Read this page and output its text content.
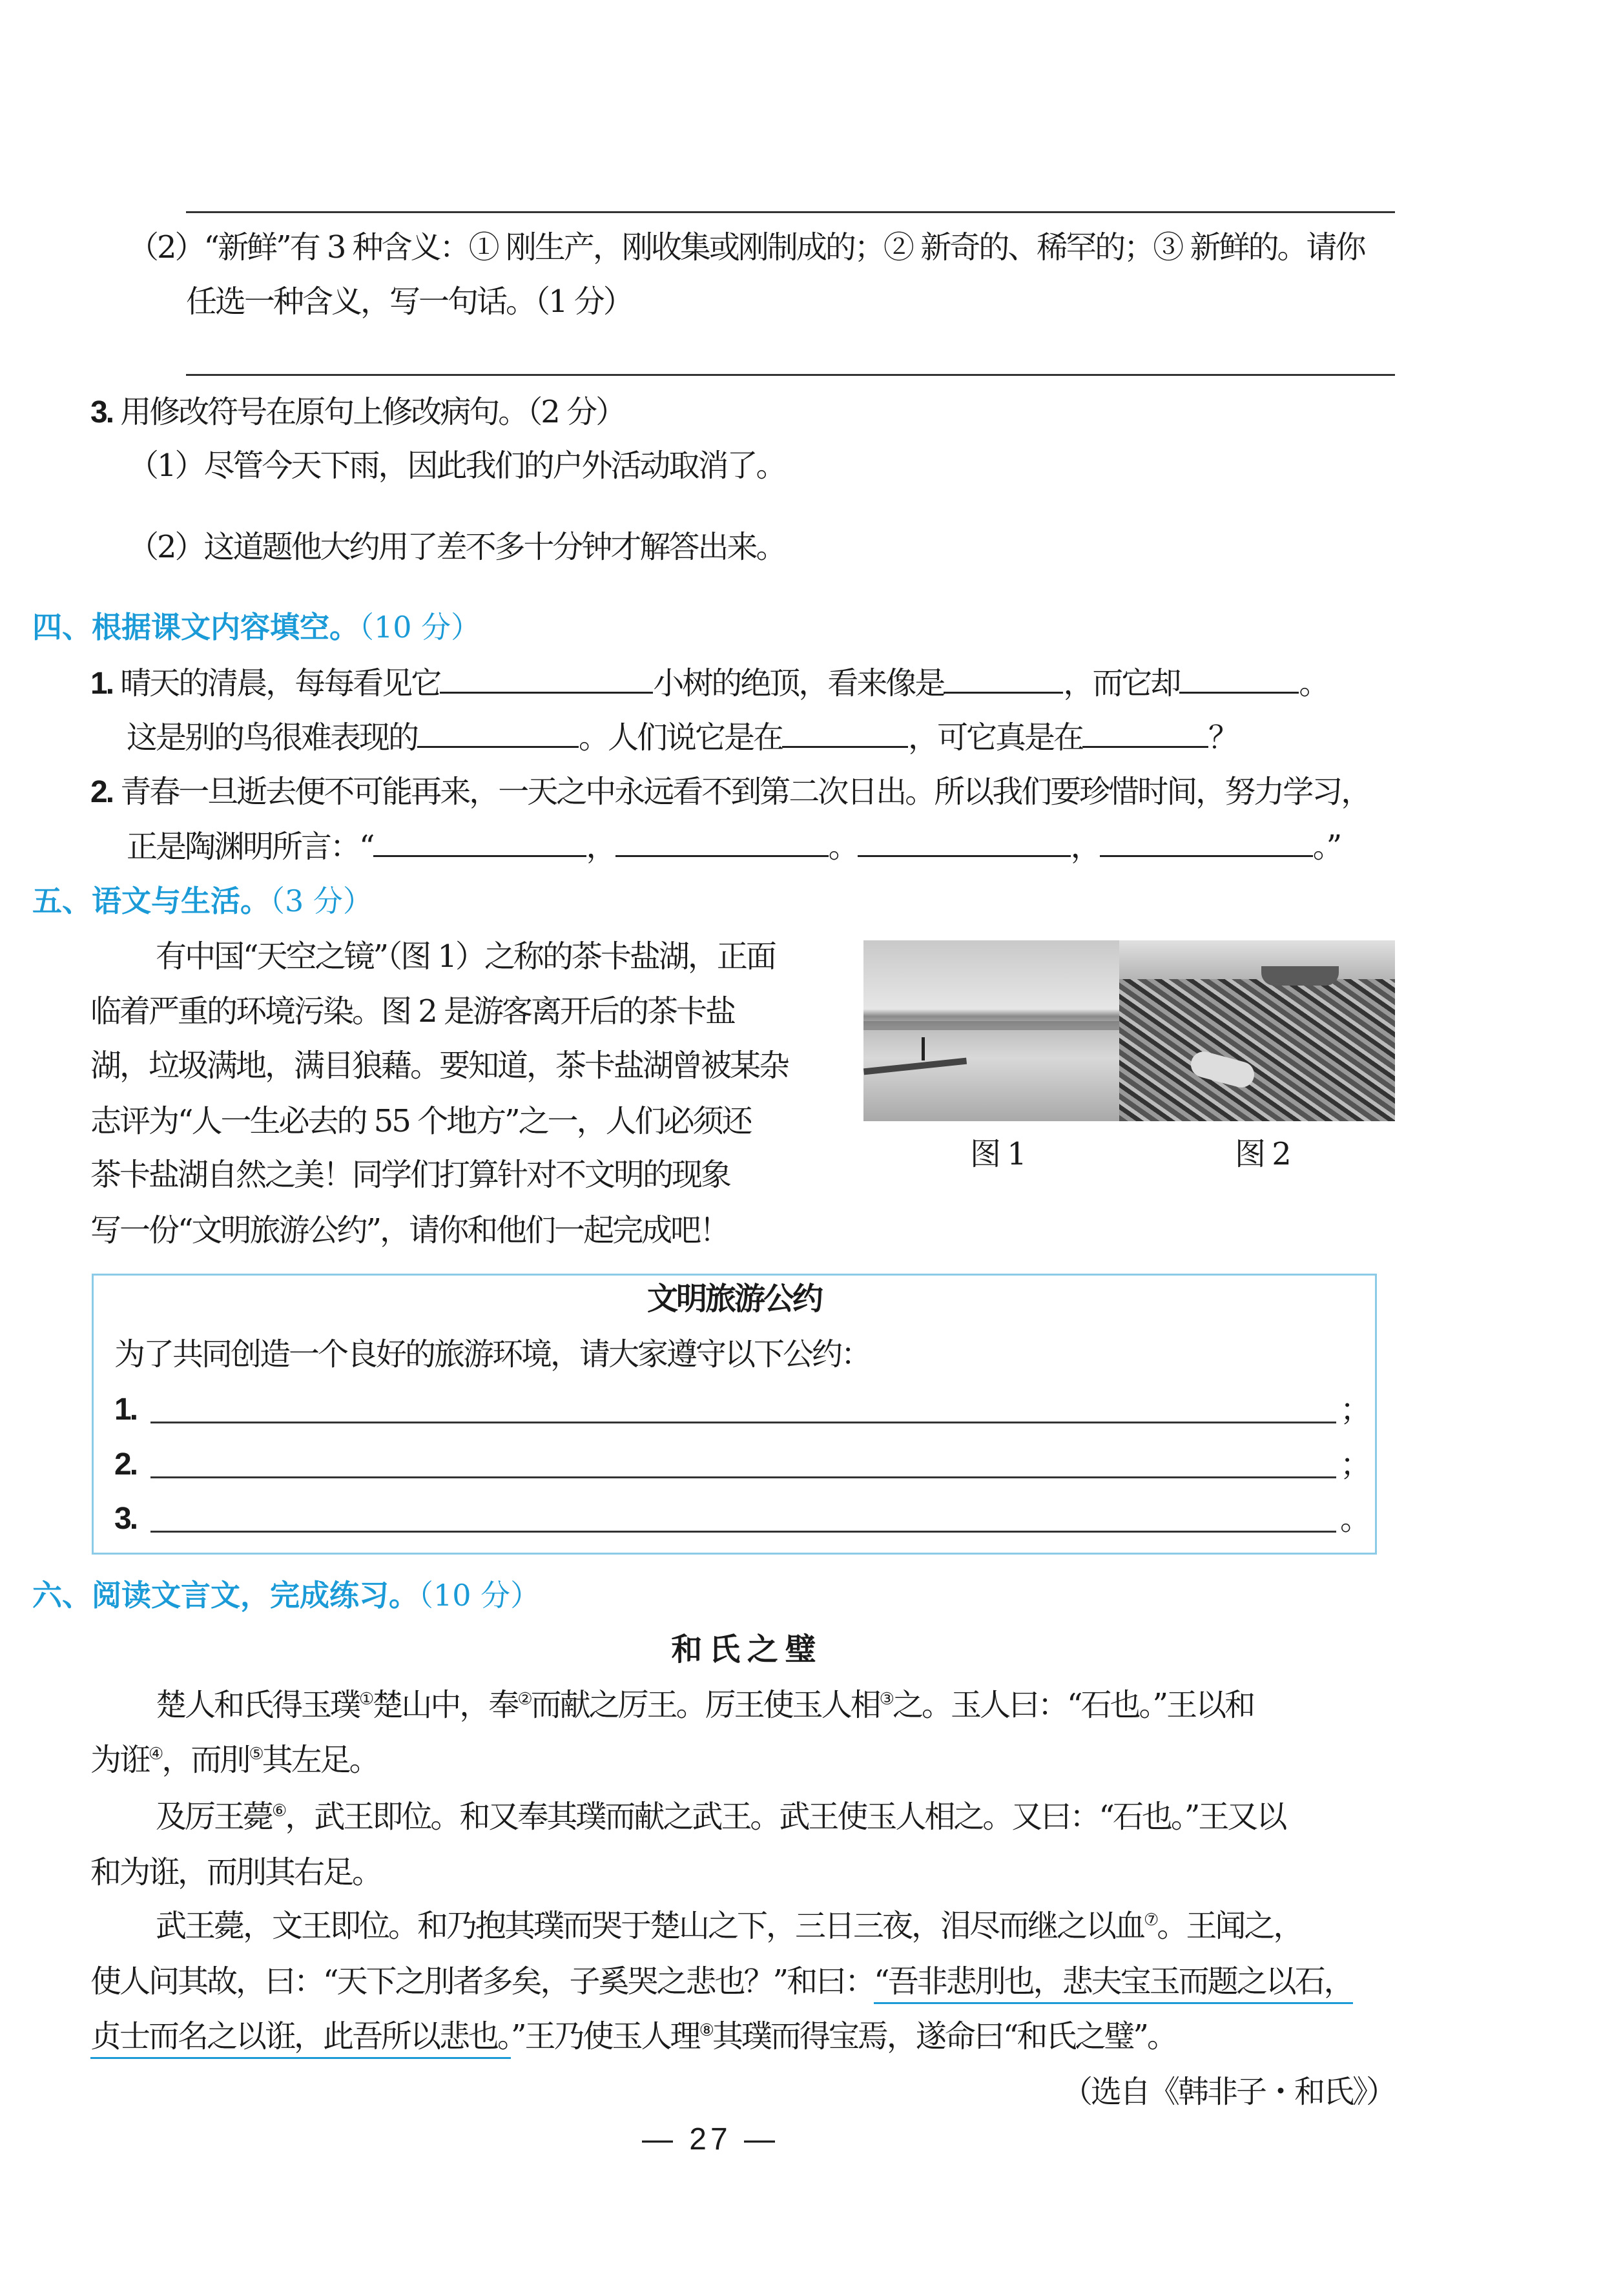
（2）“新鲜”有 3 种含义：① 刚生产，刚收集或刚制成的；② 新奇的、稀罕的；③ 新鲜的。请你
任选一种含义，写一句话。（1 分）
3. 用修改符号在原句上修改病句。（2 分）
（1）尽管今天下雨，因此我们的户外活动取消了。
（2）这道题他大约用了差不多十分钟才解答出来。
四、根据课文内容填空。（10 分）
1. 晴天的清晨，每每看见它	小树的绝顶，看来像是	，而它却	。
这是别的鸟很难表现的	。人们说它是在	，可它真是在	？
2. 青春一旦逝去便不可能再来，一天之中永远看不到第二次日出。所以我们要珍惜时间，努力学习，
正是陶渊明所言：“	，	。	，	。”
五、语文与生活。（3 分）
有中国“天空之镜”（图 1）之称的茶卡盐湖，正面
临着严重的环境污染。图 2 是游客离开后的茶卡盐
湖，垃圾满地，满目狼藉。要知道，茶卡盐湖曾被某杂
志评为“人一生必去的 55 个地方”之一，人们必须还
茶卡盐湖自然之美！同学们打算针对不文明的现象
写一份“文明旅游公约”，请你和他们一起完成吧！
图 1	图 2
文明旅游公约
为了共同创造一个良好的旅游环境，请大家遵守以下公约：
1.	；
2.	；
3.	。
六、阅读文言文，完成练习。（10 分）
和 氏 之 璧
楚人和氏得玉璞①楚山中，奉②而献之厉王。厉王使玉人相③之。玉人曰：“石也。”王以和
为诳④，而刖⑤其左足。
及厉王薨⑥，武王即位。和又奉其璞而献之武王。武王使玉人相之。又曰：“石也。”王又以
和为诳，而刖其右足。
武王薨，文王即位。和乃抱其璞而哭于楚山之下，三日三夜，泪尽而继之以血⑦。王闻之，
使人问其故，曰：“天下之刖者多矣，子奚哭之悲也？”和曰：“吾非悲刖也，悲夫宝玉而题之以石，
贞士而名之以诳，此吾所以悲也。”王乃使玉人理⑧其璞而得宝焉，遂命曰“和氏之璧”。
（选自《韩非子・和氏》）
— 27 —
